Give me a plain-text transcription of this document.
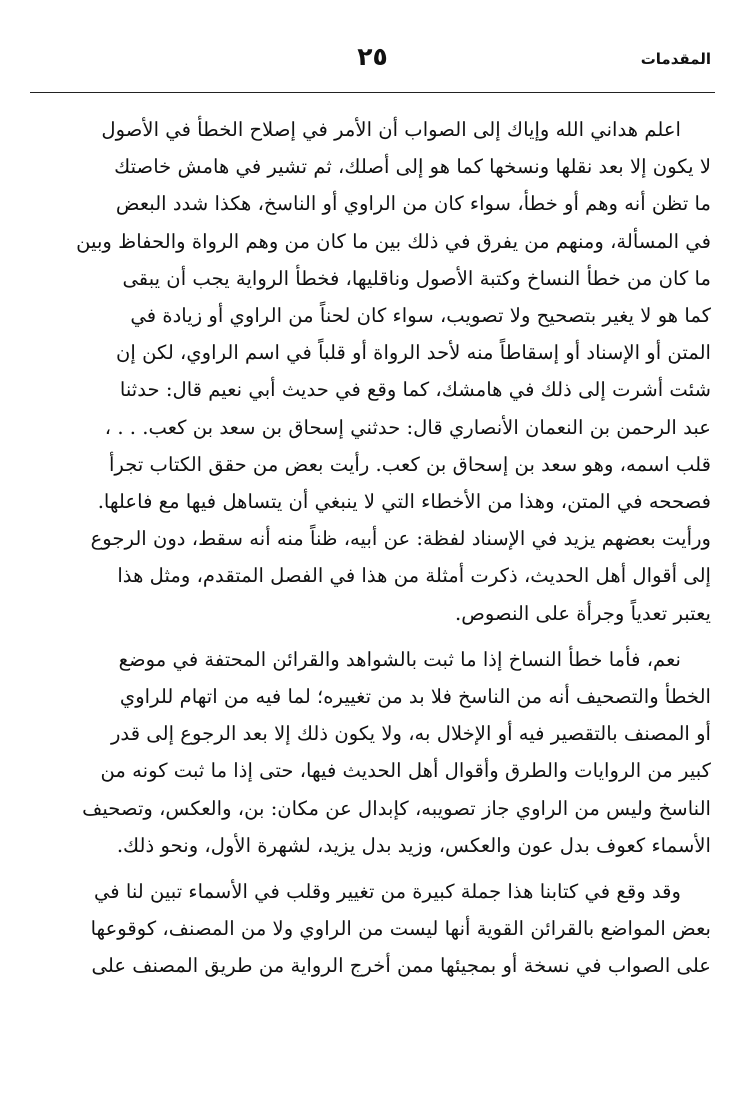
المقدمات
٢٥

اعلم هداني الله وإياك إلى الصواب أن الأمر في إصلاح الخطأ في الأصول
لا يكون إلا بعد نقلها ونسخها كما هو إلى أصلك، ثم تشير في هامش خاصتك
ما تظن أنه وهم أو خطأ، سواء كان من الراوي أو الناسخ، هكذا شدد البعض
في المسألة، ومنهم من يفرق في ذلك بين ما كان من وهم الرواة والحفاظ وبين
ما كان من خطأ النساخ وكتبة الأصول وناقليها، فخطأ الرواية يجب أن يبقى
كما هو لا يغير بتصحيح ولا تصويب، سواء كان لحناً من الراوي أو زيادة في
المتن أو الإسناد أو إسقاطاً منه لأحد الرواة أو قلباً في اسم الراوي، لكن إن
شئت أشرت إلى ذلك في هامشك، كما وقع في حديث أبي نعيم قال: حدثنا
عبد الرحمن بن النعمان الأنصاري قال: حدثني إسحاق بن سعد بن كعب. . . ،
قلب اسمه، وهو سعد بن إسحاق بن كعب. رأيت بعض من حقق الكتاب تجرأ
فصححه في المتن، وهذا من الأخطاء التي لا ينبغي أن يتساهل فيها مع فاعلها.
ورأيت بعضهم يزيد في الإسناد لفظة: عن أبيه، ظناً منه أنه سقط، دون الرجوع
إلى أقوال أهل الحديث، ذكرت أمثلة من هذا في الفصل المتقدم، ومثل هذا
يعتبر تعدياً وجرأة على النصوص.

نعم، فأما خطأ النساخ إذا ما ثبت بالشواهد والقرائن المحتفة في موضع
الخطأ والتصحيف أنه من الناسخ فلا بد من تغييره؛ لما فيه من اتهام للراوي
أو المصنف بالتقصير فيه أو الإخلال به، ولا يكون ذلك إلا بعد الرجوع إلى قدر
كبير من الروايات والطرق وأقوال أهل الحديث فيها، حتى إذا ما ثبت كونه من
الناسخ وليس من الراوي جاز تصويبه، كإبدال عن مكان: بن، والعكس، وتصحيف
الأسماء كعوف بدل عون والعكس، وزيد بدل يزيد، لشهرة الأول، ونحو ذلك.

وقد وقع في كتابنا هذا جملة كبيرة من تغيير وقلب في الأسماء تبين لنا في
بعض المواضع بالقرائن القوية أنها ليست من الراوي ولا من المصنف، كوقوعها
على الصواب في نسخة أو بمجيئها ممن أخرج الرواية من طريق المصنف على
